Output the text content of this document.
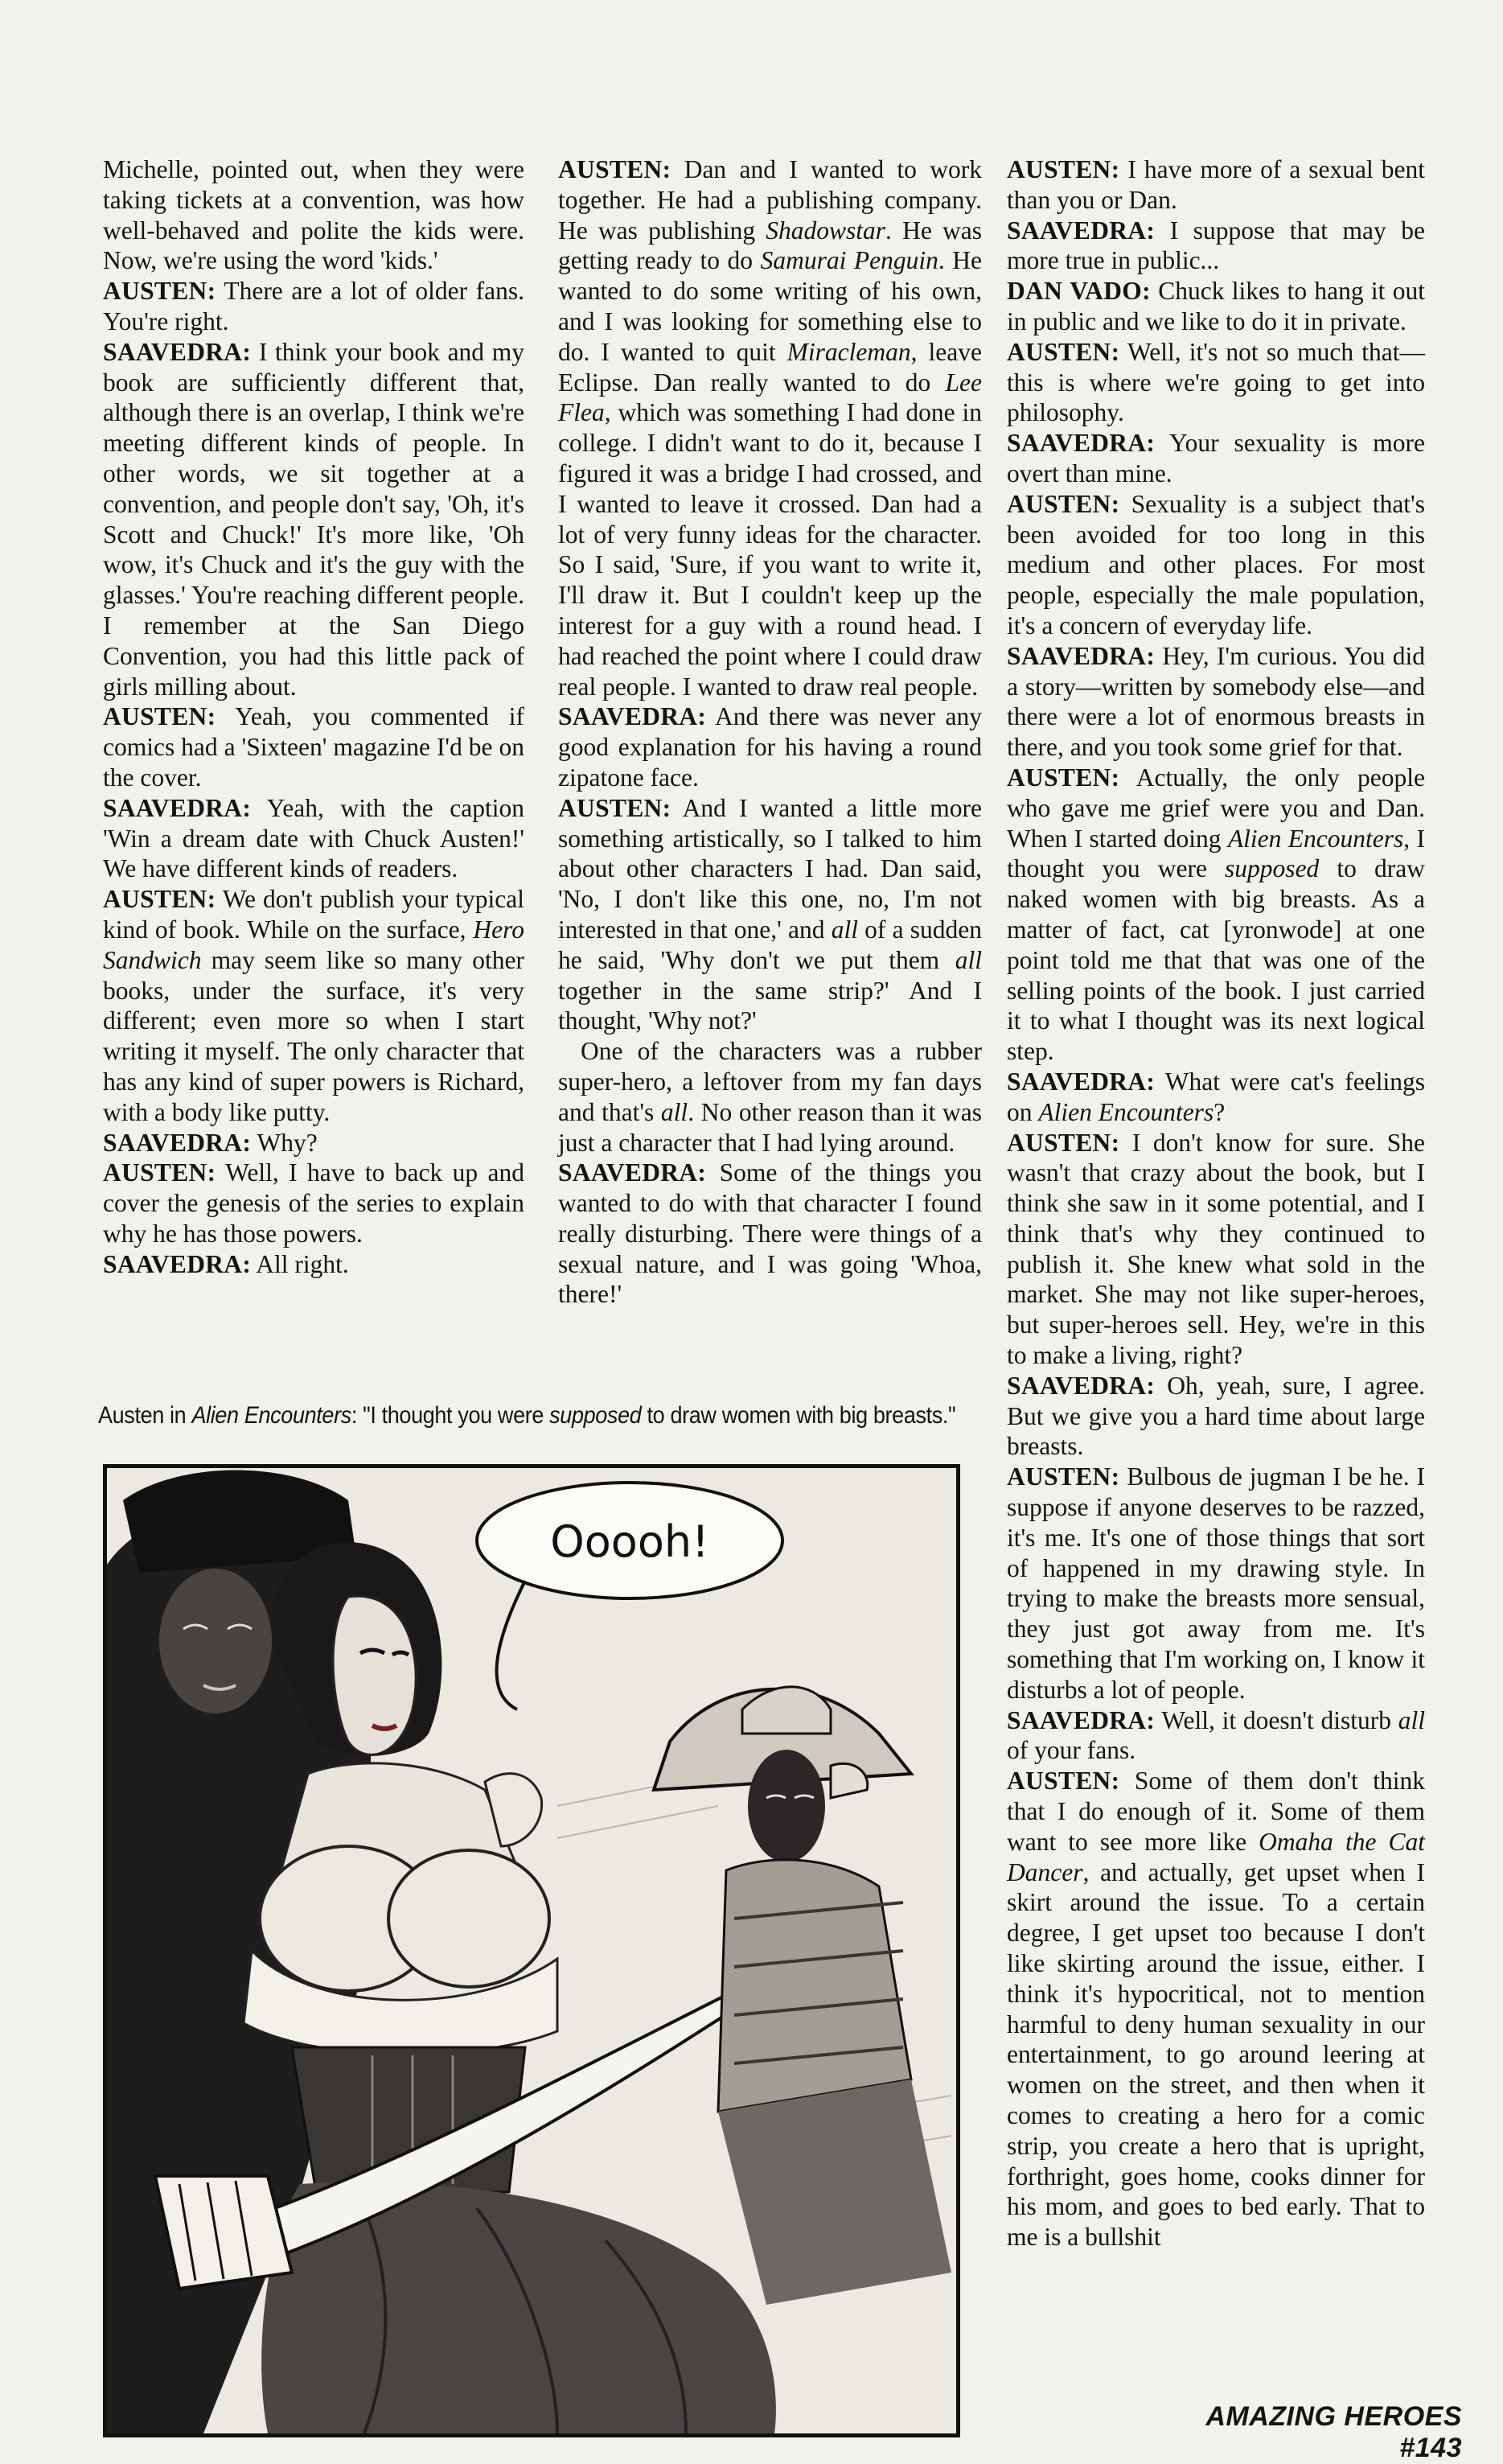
Michelle, pointed out, when they were taking tickets at a convention, was how well-behaved and polite the kids were. Now, we're using the word 'kids.'

AUSTEN: There are a lot of older fans. You're right.

SAAVEDRA: I think your book and my book are sufficiently different that, although there is an overlap, I think we're meeting different kinds of people. In other words, we sit together at a convention, and people don't say, 'Oh, it's Scott and Chuck!' It's more like, 'Oh wow, it's Chuck and it's the guy with the glasses.' You're reaching different people. I remember at the San Diego Convention, you had this little pack of girls milling about.

AUSTEN: Yeah, you commented if comics had a 'Sixteen' magazine I'd be on the cover.

SAAVEDRA: Yeah, with the caption 'Win a dream date with Chuck Austen!' We have different kinds of readers.

AUSTEN: We don't publish your typical kind of book. While on the surface, Hero Sandwich may seem like so many other books, under the surface, it's very different; even more so when I start writing it myself. The only character that has any kind of super powers is Richard, with a body like putty.

SAAVEDRA: Why?

AUSTEN: Well, I have to back up and cover the genesis of the series to explain why he has those powers.

SAAVEDRA: All right.

AUSTEN: Dan and I wanted to work together. He had a publishing company. He was publishing Shadowstar. He was getting ready to do Samurai Penguin. He wanted to do some writing of his own, and I was looking for something else to do. I wanted to quit Miracleman, leave Eclipse. Dan really wanted to do Lee Flea, which was something I had done in college. I didn't want to do it, because I figured it was a bridge I had crossed, and I wanted to leave it crossed. Dan had a lot of very funny ideas for the character. So I said, 'Sure, if you want to write it, I'll draw it. But I couldn't keep up the interest for a guy with a round head. I had reached the point where I could draw real people. I wanted to draw real people.

SAAVEDRA: And there was never any good explanation for his having a round zipatone face.

AUSTEN: And I wanted a little more something artistically, so I talked to him about other characters I had. Dan said, 'No, I don't like this one, no, I'm not interested in that one,' and all of a sudden he said, 'Why don't we put them all together in the same strip?' And I thought, 'Why not?'

One of the characters was a rubber super-hero, a leftover from my fan days and that's all. No other reason than it was just a character that I had lying around.

SAAVEDRA: Some of the things you wanted to do with that character I found really disturbing. There were things of a sexual nature, and I was going 'Whoa, there!'

AUSTEN: I have more of a sexual bent than you or Dan.

SAAVEDRA: I suppose that may be more true in public...

DAN VADO: Chuck likes to hang it out in public and we like to do it in private.

AUSTEN: Well, it's not so much that—this is where we're going to get into philosophy.

SAAVEDRA: Your sexuality is more overt than mine.

AUSTEN: Sexuality is a subject that's been avoided for too long in this medium and other places. For most people, especially the male population, it's a concern of everyday life.

SAAVEDRA: Hey, I'm curious. You did a story—written by somebody else—and there were a lot of enormous breasts in there, and you took some grief for that.

AUSTEN: Actually, the only people who gave me grief were you and Dan. When I started doing Alien Encounters, I thought you were supposed to draw naked women with big breasts. As a matter of fact, cat [yronwode] at one point told me that that was one of the selling points of the book. I just carried it to what I thought was its next logical step.

SAAVEDRA: What were cat's feelings on Alien Encounters?

AUSTEN: I don't know for sure. She wasn't that crazy about the book, but I think she saw in it some potential, and I think that's why they continued to publish it. She knew what sold in the market. She may not like super-heroes, but super-heroes sell. Hey, we're in this to make a living, right?

SAAVEDRA: Oh, yeah, sure, I agree. But we give you a hard time about large breasts.

AUSTEN: Bulbous de jugman I be he. I suppose if anyone deserves to be razzed, it's me. It's one of those things that sort of happened in my drawing style. In trying to make the breasts more sensual, they just got away from me. It's something that I'm working on, I know it disturbs a lot of people.

SAAVEDRA: Well, it doesn't disturb all of your fans.

AUSTEN: Some of them don't think that I do enough of it. Some of them want to see more like Omaha the Cat Dancer, and actually, get upset when I skirt around the issue. To a certain degree, I get upset too because I don't like skirting around the issue, either. I think it's hypocritical, not to mention harmful to deny human sexuality in our entertainment, to go around leering at women on the street, and then when it comes to creating a hero for a comic strip, you create a hero that is upright, forthright, goes home, cooks dinner for his mom, and goes to bed early. That to me is a bullshit

Austen in Alien Encounters: "I thought you were supposed to draw women with big breasts."
Ooooh!
AMAZING HEROES #143
